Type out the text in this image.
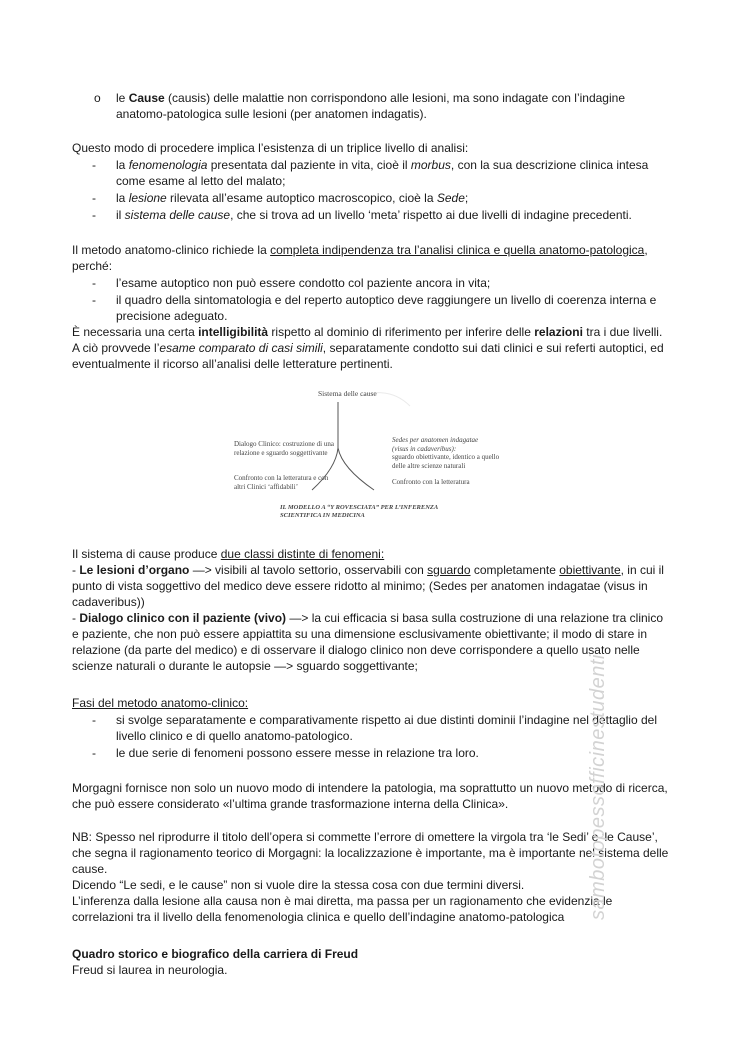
o le Cause (causis) delle malattie non corrispondono alle lesioni, ma sono indagate con l’indagine anatomo-patologica sulle lesioni (per anatomen indagatis).

Questo modo di procedere implica l’esistenza di un triplice livello di analisi:

- la fenomenologia presentata dal paziente in vita, cioè il morbus, con la sua descrizione clinica intesa come esame al letto del malato;

- la lesione rilevata all’esame autoptico macroscopico, cioè la Sede;

- il sistema delle cause, che si trova ad un livello ‘meta’ rispetto ai due livelli di indagine precedenti.

Il metodo anatomo-clinico richiede la completa indipendenza tra l’analisi clinica e quella anatomo-patologica, perché:

- l’esame autoptico non può essere condotto col paziente ancora in vita;

- il quadro della sintomatologia e del reperto autoptico deve raggiungere un livello di coerenza interna e precisione adeguato.

È necessaria una certa intelligibilità rispetto al dominio di riferimento per inferire delle relazioni tra i due livelli. A ciò provvede l’esame comparato di casi simili, separatamente condotto sui dati clinici e sui referti autoptici, ed eventualmente il ricorso all’analisi delle letterature pertinenti.

Sistema delle cause
Dialogo Clinico: costruzione di una relazione e sguardo soggettivante
Confronto con la letteratura e con altri Clinici ‘affidabili’
Sedes per anatomen indagatae
(visus in cadaveribus):
sguardo obiettivante, identico a quello delle altre scienze naturali
Confronto con la letteratura
IL MODELLO A “Y ROVESCIATA” PER L’INFERENZA SCIENTIFICA IN MEDICINA

Il sistema di cause produce due classi distinte di fenomeni:

- Le lesioni d’organo —> visibili al tavolo settorio, osservabili con sguardo completamente obiettivante, in cui il punto di vista soggettivo del medico deve essere ridotto al minimo; (Sedes per anatomen indagatae (visus in cadaveribus))

- Dialogo clinico con il paziente (vivo) —> la cui efficacia si basa sulla costruzione di una relazione tra clinico e paziente, che non può essere appiattita su una dimensione esclusivamente obiettivante; il modo di stare in relazione (da parte del medico) e di osservare il dialogo clinico non deve corrispondere a quello usato nelle scienze naturali o durante le autopsie —> sguardo soggettivante;

Fasi del metodo anatomo-clinico:

- si svolge separatamente e comparativamente rispetto ai due distinti dominii l’indagine nel dettaglio del livello clinico e di quello anatomo-patologico.

- le due serie di fenomeni possono essere messe in relazione tra loro.

Morgagni fornisce non solo un nuovo modo di intendere la patologia, ma soprattutto un nuovo metodo di ricerca, che può essere considerato «l’ultima grande trasformazione interna della Clinica».

NB: Spesso nel riprodurre il titolo dell’opera si commette l’errore di omettere la virgola tra ‘le Sedi’ e ‘le Cause’, che segna il ragionamento teorico di Morgagni: la localizzazione è importante, ma è importante nel sistema delle cause.

Dicendo “Le sedi, e le cause” non si vuole dire la stessa cosa con due termini diversi.

L’inferenza dalla lesione alla causa non è mai diretta, ma passa per un ragionamento che evidenzia le correlazioni tra il livello della fenomenologia clinica e quello dell’indagine anatomo-patologica

Quadro storico e biografico della carriera di Freud

Freud si laurea in neurologia.

sambotopessofficinestudenti
